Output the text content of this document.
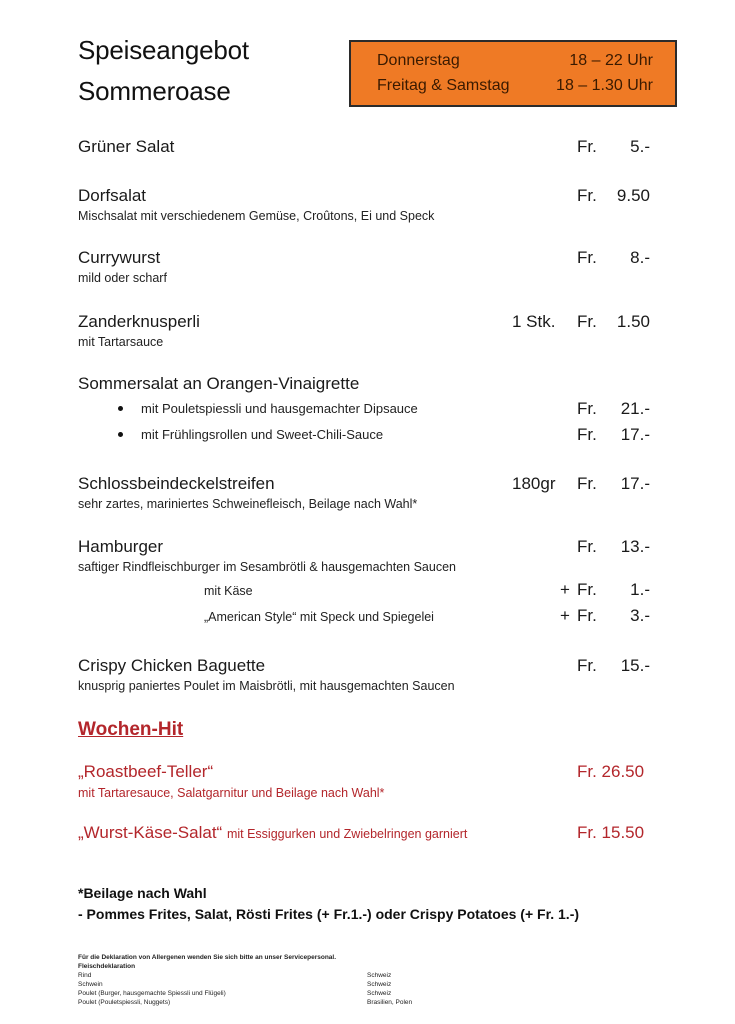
Speiseangebot
Sommeroase
Donnerstag	18 – 22 Uhr
Freitag & Samstag	18 – 1.30 Uhr
Grüner Salat	Fr.	5.-
Dorfsalat
Mischsalat mit verschiedenem Gemüse, Croûtons, Ei und Speck
Fr.	9.50
Currywurst
mild oder scharf
Fr.	8.-
Zanderknusperli
mit Tartarsauce
1 Stk. Fr.	1.50
Sommersalat an Orangen-Vinaigrette
mit Pouletspiessli und hausgemachter Dipsauce	Fr.	21.-
mit Frühlingsrollen und Sweet-Chili-Sauce	Fr.	17.-
Schlossbeindeckelstreifen
sehr zartes, mariniertes Schweinefleisch, Beilage nach Wahl*
180gr Fr.	17.-
Hamburger
saftiger Rindfleischburger im Sesambrötli & hausgemachten Saucen
Fr.	13.-
mit Käse	+ Fr.	1.-
„American Style“ mit Speck und Spiegelei	+ Fr.	3.-
Crispy Chicken Baguette
knusprig paniertes Poulet im Maisbrötli, mit hausgemachten Saucen
Fr.	15.-
Wochen-Hit
„Roastbeef-Teller“
mit Tartaresauce, Salatgarnitur und Beilage nach Wahl*
Fr. 26.50
„Wurst-Käse-Salat“ mit Essiggurken und Zwiebelringen garniert	Fr. 15.50
*Beilage nach Wahl
- Pommes Frites, Salat, Rösti Frites (+ Fr.1.-) oder Crispy Potatoes (+ Fr. 1.-)
Für die Deklaration von Allergenen wenden Sie sich bitte an unser Servicepersonal.
Fleischdeklaration
Rind	Schweiz
Schwein	Schweiz
Poulet (Burger, hausgemachte Spiessli und Flügeli)	Schweiz
Poulet (Pouletspiessli, Nuggets)	Brasilien, Polen
